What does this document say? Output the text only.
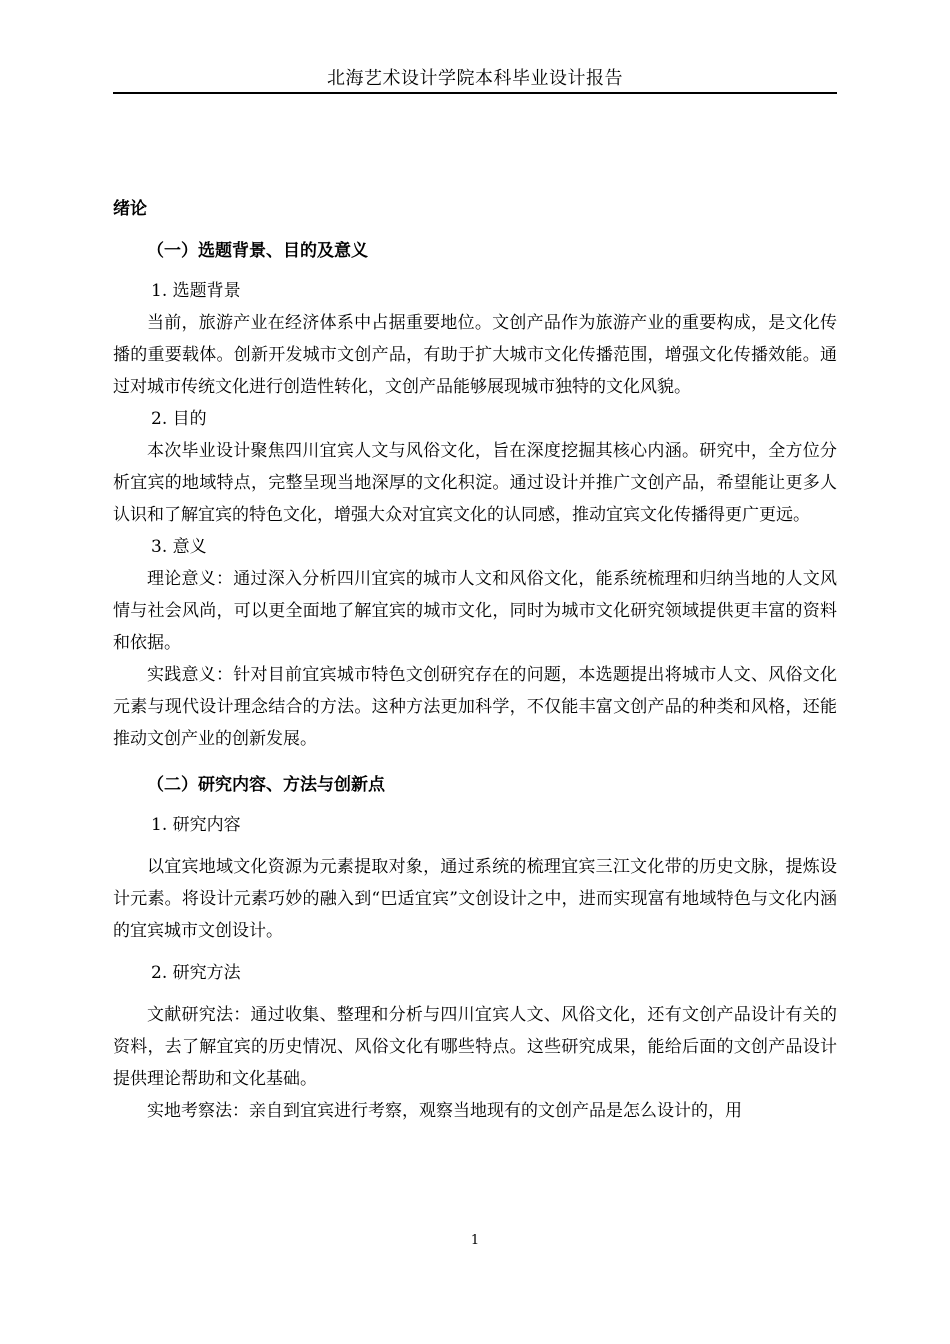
北海艺术设计学院本科毕业设计报告

绪论

（一）选题背景、目的及意义

1. 选题背景

当前，旅游产业在经济体系中占据重要地位。文创产品作为旅游产业的重要构成，是文化传播的重要载体。创新开发城市文创产品，有助于扩大城市文化传播范围，增强文化传播效能。通过对城市传统文化进行创造性转化，文创产品能够展现城市独特的文化风貌。

2. 目的

本次毕业设计聚焦四川宜宾人文与风俗文化，旨在深度挖掘其核心内涵。研究中，全方位分析宜宾的地域特点，完整呈现当地深厚的文化积淀。通过设计并推广文创产品，希望能让更多人认识和了解宜宾的特色文化，增强大众对宜宾文化的认同感，推动宜宾文化传播得更广更远。

3. 意义

理论意义：通过深入分析四川宜宾的城市人文和风俗文化，能系统梳理和归纳当地的人文风情与社会风尚，可以更全面地了解宜宾的城市文化，同时为城市文化研究领域提供更丰富的资料和依据。

实践意义：针对目前宜宾城市特色文创研究存在的问题，本选题提出将城市人文、风俗文化元素与现代设计理念结合的方法。这种方法更加科学，不仅能丰富文创产品的种类和风格，还能推动文创产业的创新发展。

（二）研究内容、方法与创新点

1. 研究内容

以宜宾地域文化资源为元素提取对象，通过系统的梳理宜宾三江文化带的历史文脉，提炼设计元素。将设计元素巧妙的融入到“巴适宜宾”文创设计之中，进而实现富有地域特色与文化内涵的宜宾城市文创设计。

2. 研究方法

文献研究法：通过收集、整理和分析与四川宜宾人文、风俗文化，还有文创产品设计有关的资料，去了解宜宾的历史情况、风俗文化有哪些特点。这些研究成果，能给后面的文创产品设计提供理论帮助和文化基础。

实地考察法：亲自到宜宾进行考察，观察当地现有的文创产品是怎么设计的，用

1
